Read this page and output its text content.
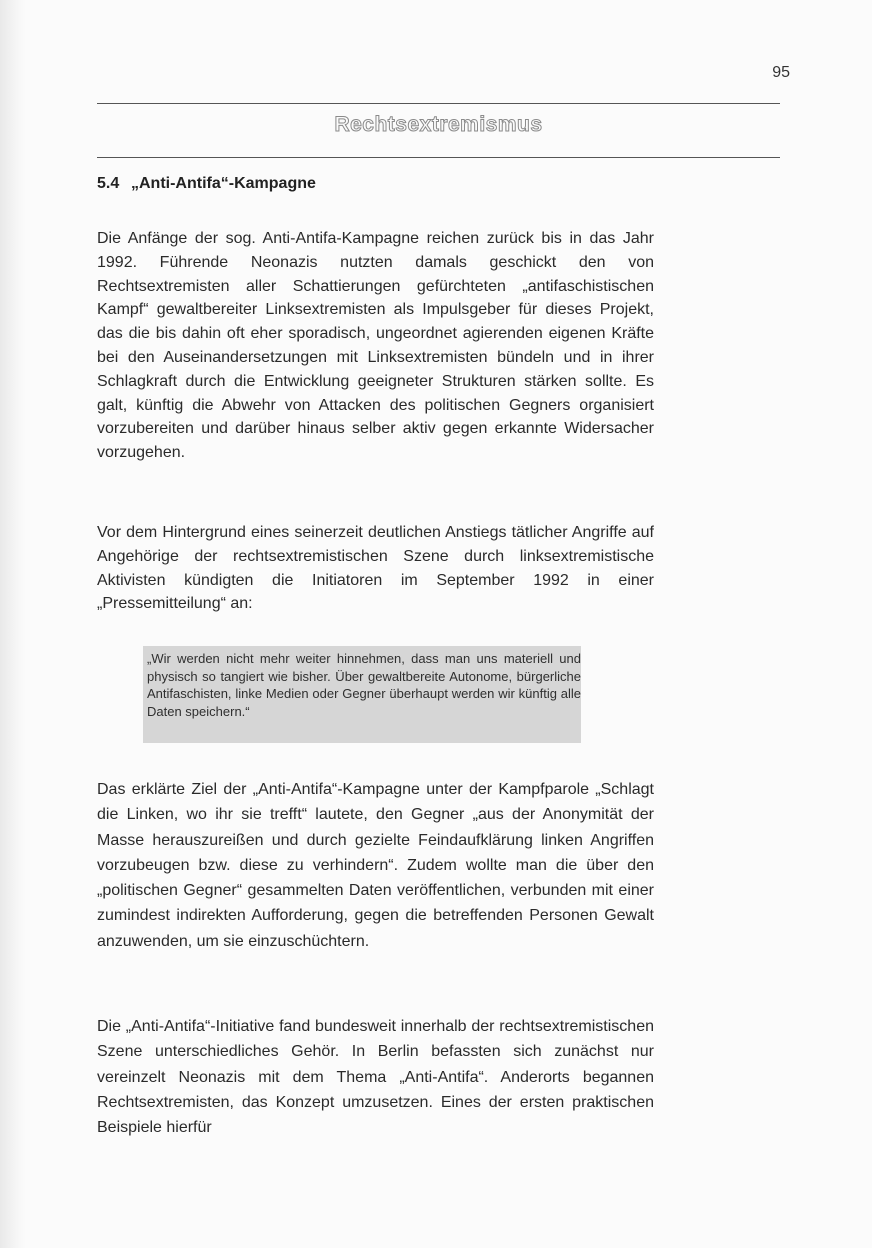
95
Rechtsextremismus
5.4 „Anti-Antifa“-Kampagne

Die Anfänge der sog. Anti-Antifa-Kampagne reichen zurück bis in das Jahr 1992. Führende Neonazis nutzten damals geschickt den von Rechtsextremisten aller Schattierungen gefürchteten „antifaschistischen Kampf“ gewaltbereiter Linksextremisten als Impulsgeber für dieses Projekt, das die bis dahin oft eher sporadisch, ungeordnet agierenden eigenen Kräfte bei den Auseinandersetzungen mit Linksextremisten bündeln und in ihrer Schlagkraft durch die Entwicklung geeigneter Strukturen stärken sollte. Es galt, künftig die Abwehr von Attacken des politischen Gegners organisiert vorzubereiten und darüber hinaus selber aktiv gegen erkannte Widersacher vorzugehen.

Vor dem Hintergrund eines seinerzeit deutlichen Anstiegs tätlicher Angriffe auf Angehörige der rechtsextremistischen Szene durch linksextremistische Aktivisten kündigten die Initiatoren im September 1992 in einer „Pressemitteilung“ an:

„Wir werden nicht mehr weiter hinnehmen, dass man uns materiell und physisch so tangiert wie bisher. Über gewaltbereite Autonome, bürgerliche Antifaschisten, linke Medien oder Gegner überhaupt werden wir künftig alle Daten speichern.“

Das erklärte Ziel der „Anti-Antifa“-Kampagne unter der Kampfparole „Schlagt die Linken, wo ihr sie trefft“ lautete, den Gegner „aus der Anonymität der Masse herauszureißen und durch gezielte Feindaufklärung linken Angriffen vorzubeugen bzw. diese zu verhindern“. Zudem wollte man die über den „politischen Gegner“ gesammelten Daten veröffentlichen, verbunden mit einer zumindest indirekten Aufforderung, gegen die betreffenden Personen Gewalt anzuwenden, um sie einzuschüchtern.

Die „Anti-Antifa“-Initiative fand bundesweit innerhalb der rechtsextremistischen Szene unterschiedliches Gehör. In Berlin befassten sich zunächst nur vereinzelt Neonazis mit dem Thema „Anti-Antifa“. Anderorts begannen Rechtsextremisten, das Konzept umzusetzen. Eines der ersten praktischen Beispiele hierfür
